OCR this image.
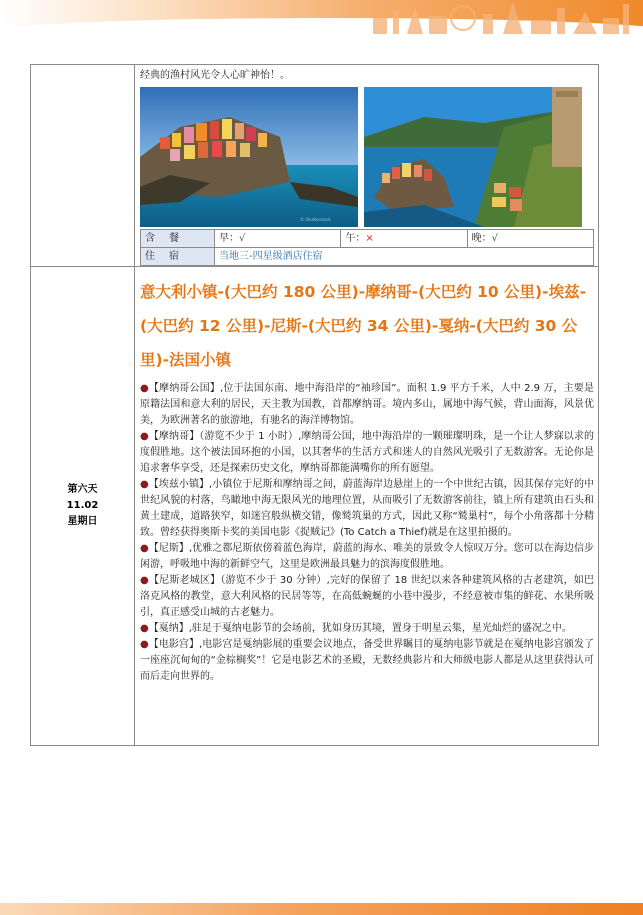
经典的渔村风光令人心旷神怡！。

© Shutterstock
含餐	早：√	午：×	晚：√
住宿	当地三-四星级酒店住宿

第六天
11.02
星期日

意大利小镇-(大巴约 180 公里)-摩纳哥-(大巴约 10 公里)-埃兹-(大巴约 12 公里)-尼斯-(大巴约 34 公里)-戛纳-(大巴约 30 公里)-法国小镇

●【摩纳哥公国】,位于法国东南、地中海沿岸的“袖珍国”。面积 1.9 平方千米，人中 2.9 万，主要是原籍法国和意大利的居民，天主教为国教，首都摩纳哥。境内多山，属地中海气候，背山面海，风景优美，为欧洲著名的旅游地，有驰名的海洋博物馆。

●【摩纳哥】（游览不少于 1 小时）,摩纳哥公国，地中海沿岸的一颗璀璨明珠，是一个让人梦寐以求的度假胜地。这个被法国环抱的小国，以其奢华的生活方式和迷人的自然风光吸引了无数游客。无论你是追求奢华享受，还是探索历史文化，摩纳哥都能满嘴你的所有愿望。

●【埃兹小镇】,小镇位于尼斯和摩纳哥之间，蔚蓝海岸边悬崖上的一个中世纪古镇，因其保存完好的中世纪风貌的村落，鸟瞰地中海无限风光的地理位置，从而吸引了无数游客前往，镇上所有建筑由石头和黄土建成，道路狭窄，如迷宫般纵横交错，像鹫筑巢的方式，因此又称“鹫巢村”，每个小角落都十分精致。曾经获得奥斯卡奖的美国电影《捉贼记》(To Catch a Thief)就是在这里拍摄的。

●【尼斯】,优雅之都尼斯依傍着蓝色海岸，蔚蓝的海水、唯美的景致令人惊叹万分。您可以在海边信步闲游，呼吸地中海的新鲜空气，这里是欧洲最具魅力的滨海度假胜地。

●【尼斯老城区】（游览不少于 30 分钟）,完好的保留了 18 世纪以来各种建筑风格的古老建筑，如巴洛克风格的教堂，意大利风格的民居等等，在高低蜿蜒的小巷中漫步，不经意被市集的鲜花、水果所吸引，真正感受山城的古老魅力。

●【戛纳】,驻足于戛纳电影节的会场前，犹如身历其境，置身于明星云集，星光灿烂的盛况之中。

●【电影宫】,电影宫是戛纳影展的重要会议地点，备受世界瞩目的戛纳电影节就是在戛纳电影宫颁发了一座座沉甸甸的“金棕榈奖”！它是电影艺术的圣殿，无数经典影片和大师级电影人都是从这里获得认可而后走向世界的。
